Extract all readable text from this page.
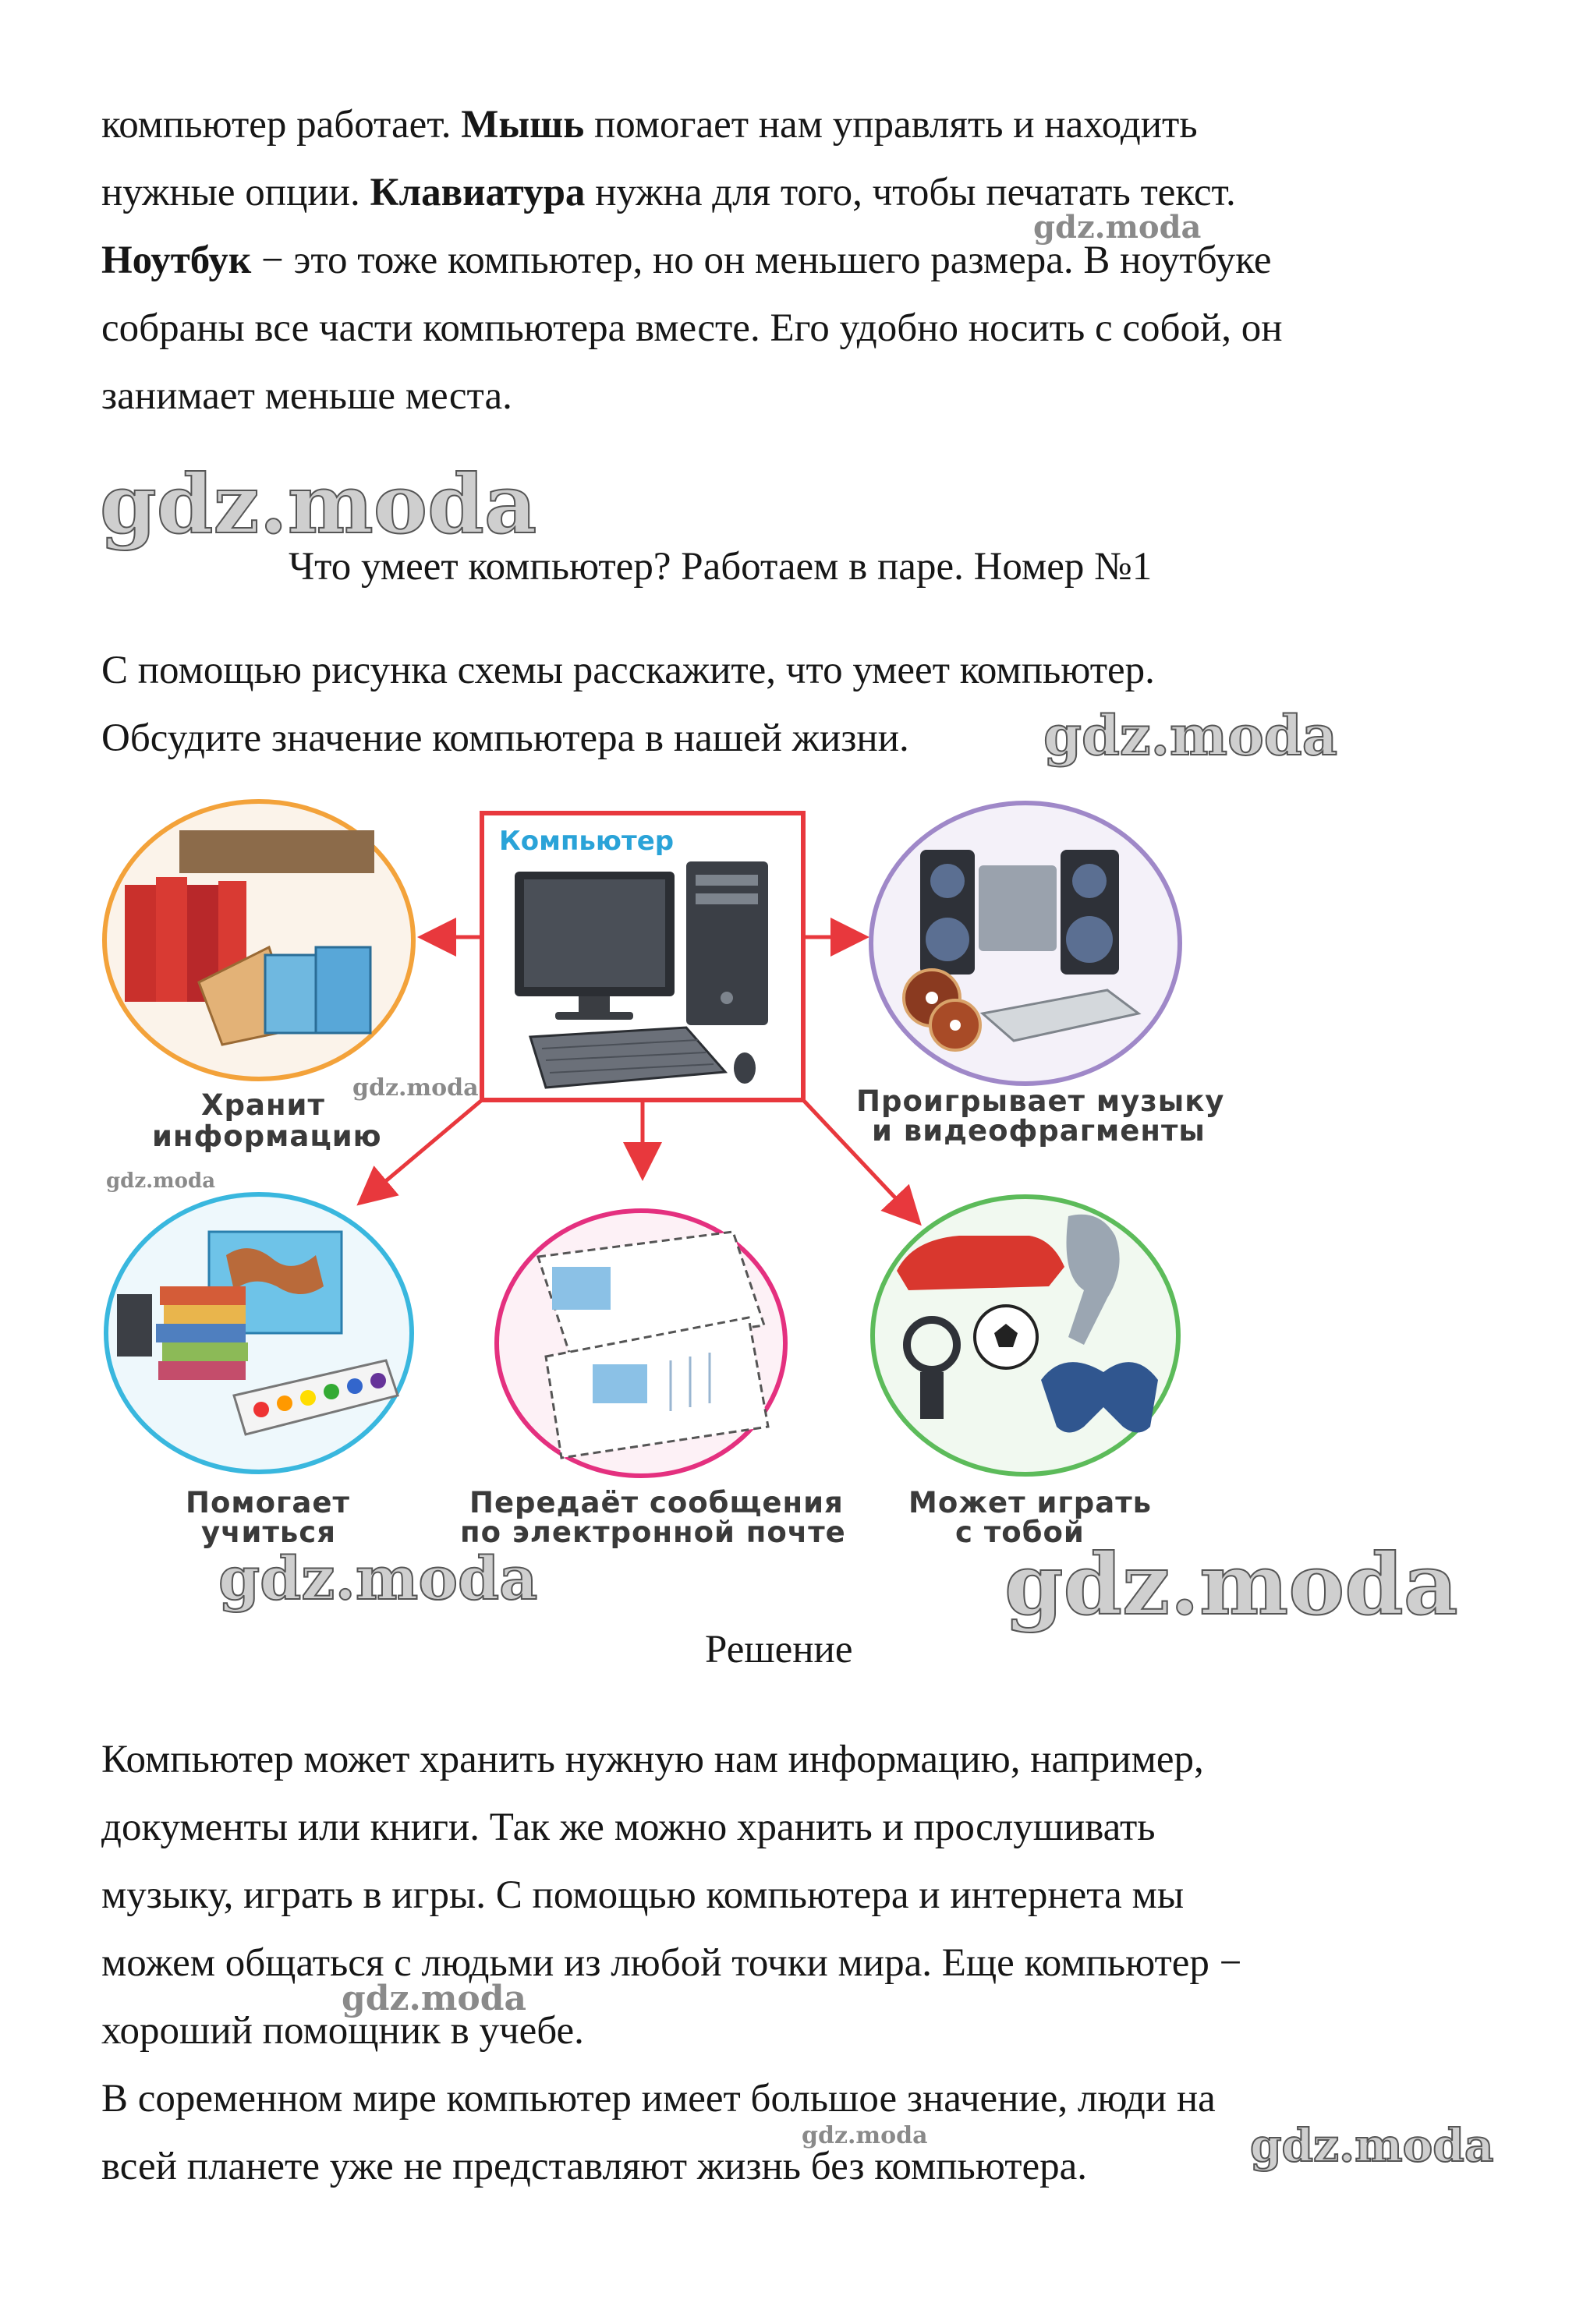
компьютер работает. Мышь помогает нам управлять и находить
нужные опции. Клавиатура нужна для того, чтобы печатать текст.
Ноутбук − это тоже компьютер, но он меньшего размера. В ноутбуке
собраны все части компьютера вместе. Его удобно носить с собой, он
занимает меньше места.
gdz.moda
gdz.moda
Что умеет компьютер? Работаем в паре. Номер №1
С помощью рисунка схемы расскажите, что умеет компьютер.
Обсудите значение компьютера в нашей жизни. gdz.moda
Компьютер
Хранит
информацию
Проигрывает музыку
и видеофрагменты
Помогает
учиться
Передаёт сообщения
по электронной почте
Может играть
с тобой
gdz.moda
gdz.moda
gdz.moda	gdz.moda
Решение
Компьютер может хранить нужную нам информацию, например,
документы или книги. Так же можно хранить и прослушивать
музыку, играть в игры. С помощью компьютера и интернета мы
можем общаться с людьми из любой точки мира. Еще компьютер −
хороший помощник в учебе.
В соременном мире компьютер имеет большое значение, люди на
всей планете уже не представляют жизнь без компьютера.
gdz.moda
gdz.moda	gdz.moda
